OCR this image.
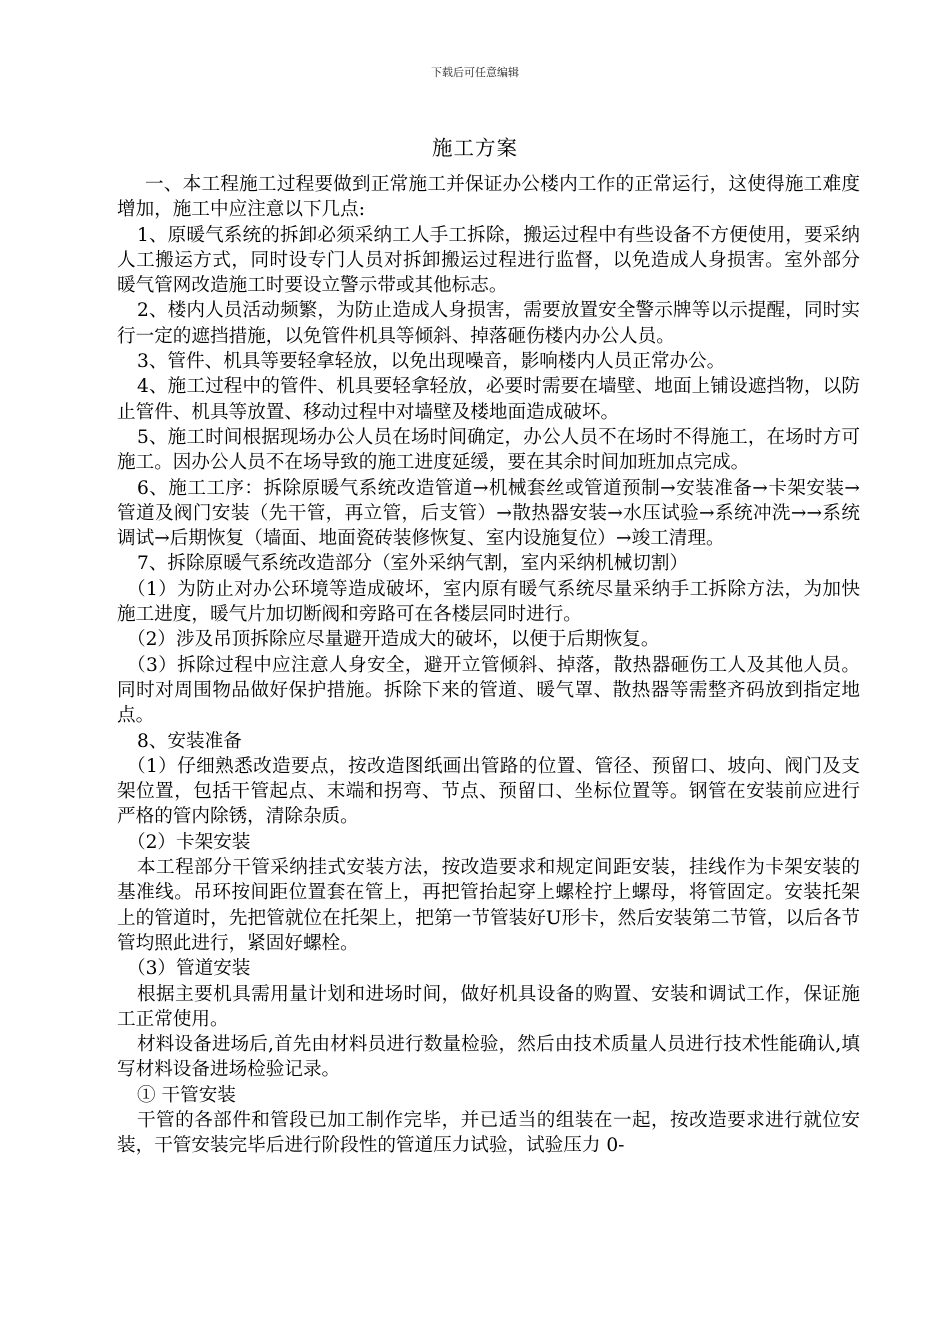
下载后可任意编辑
施工方案

一、本工程施工过程要做到正常施工并保证办公楼内工作的正常运行，这使得施工难度增加，施工中应注意以下几点:

1、原暖气系统的拆卸必须采纳工人手工拆除，搬运过程中有些设备不方便使用，要采纳人工搬运方式，同时设专门人员对拆卸搬运过程进行监督，以免造成人身损害。室外部分暖气管网改造施工时要设立警示带或其他标志。

2、楼内人员活动频繁，为防止造成人身损害，需要放置安全警示牌等以示提醒，同时实行一定的遮挡措施，以免管件机具等倾斜、掉落砸伤楼内办公人员。

3、管件、机具等要轻拿轻放，以免出现噪音，影响楼内人员正常办公。

4、施工过程中的管件、机具要轻拿轻放，必要时需要在墙壁、地面上铺设遮挡物，以防止管件、机具等放置、移动过程中对墙壁及楼地面造成破坏。

5、施工时间根据现场办公人员在场时间确定，办公人员不在场时不得施工，在场时方可施工。因办公人员不在场导致的施工进度延缓，要在其余时间加班加点完成。

6、施工工序：拆除原暖气系统改造管道→机械套丝或管道预制→安装准备→卡架安装→管道及阀门安装（先干管，再立管，后支管）→散热器安装→水压试验→系统冲洗→→系统调试→后期恢复（墙面、地面瓷砖装修恢复、室内设施复位）→竣工清理。

7、拆除原暖气系统改造部分（室外采纳气割，室内采纳机械切割）

（1）为防止对办公环境等造成破坏，室内原有暖气系统尽量采纳手工拆除方法，为加快施工进度，暖气片加切断阀和旁路可在各楼层同时进行。

（2）涉及吊顶拆除应尽量避开造成大的破坏，以便于后期恢复。

（3）拆除过程中应注意人身安全，避开立管倾斜、掉落，散热器砸伤工人及其他人员。同时对周围物品做好保护措施。拆除下来的管道、暖气罩、散热器等需整齐码放到指定地点。

8、安装准备

（1）仔细熟悉改造要点，按改造图纸画出管路的位置、管径、预留口、坡向、阀门及支架位置，包括干管起点、末端和拐弯、节点、预留口、坐标位置等。钢管在安装前应进行严格的管内除锈，清除杂质。

（2）卡架安装

本工程部分干管采纳挂式安装方法，按改造要求和规定间距安装，挂线作为卡架安装的基准线。吊环按间距位置套在管上，再把管抬起穿上螺栓拧上螺母，将管固定。安装托架上的管道时，先把管就位在托架上，把第一节管装好U形卡，然后安装第二节管，以后各节管均照此进行，紧固好螺栓。

（3）管道安装

根据主要机具需用量计划和进场时间，做好机具设备的购置、安装和调试工作，保证施工正常使用。

材料设备进场后,首先由材料员进行数量检验，然后由技术质量人员进行技术性能确认,填写材料设备进场检验记录。

① 干管安装

干管的各部件和管段已加工制作完毕，并已适当的组装在一起，按改造要求进行就位安装，干管安装完毕后进行阶段性的管道压力试验，试验压力 0-
